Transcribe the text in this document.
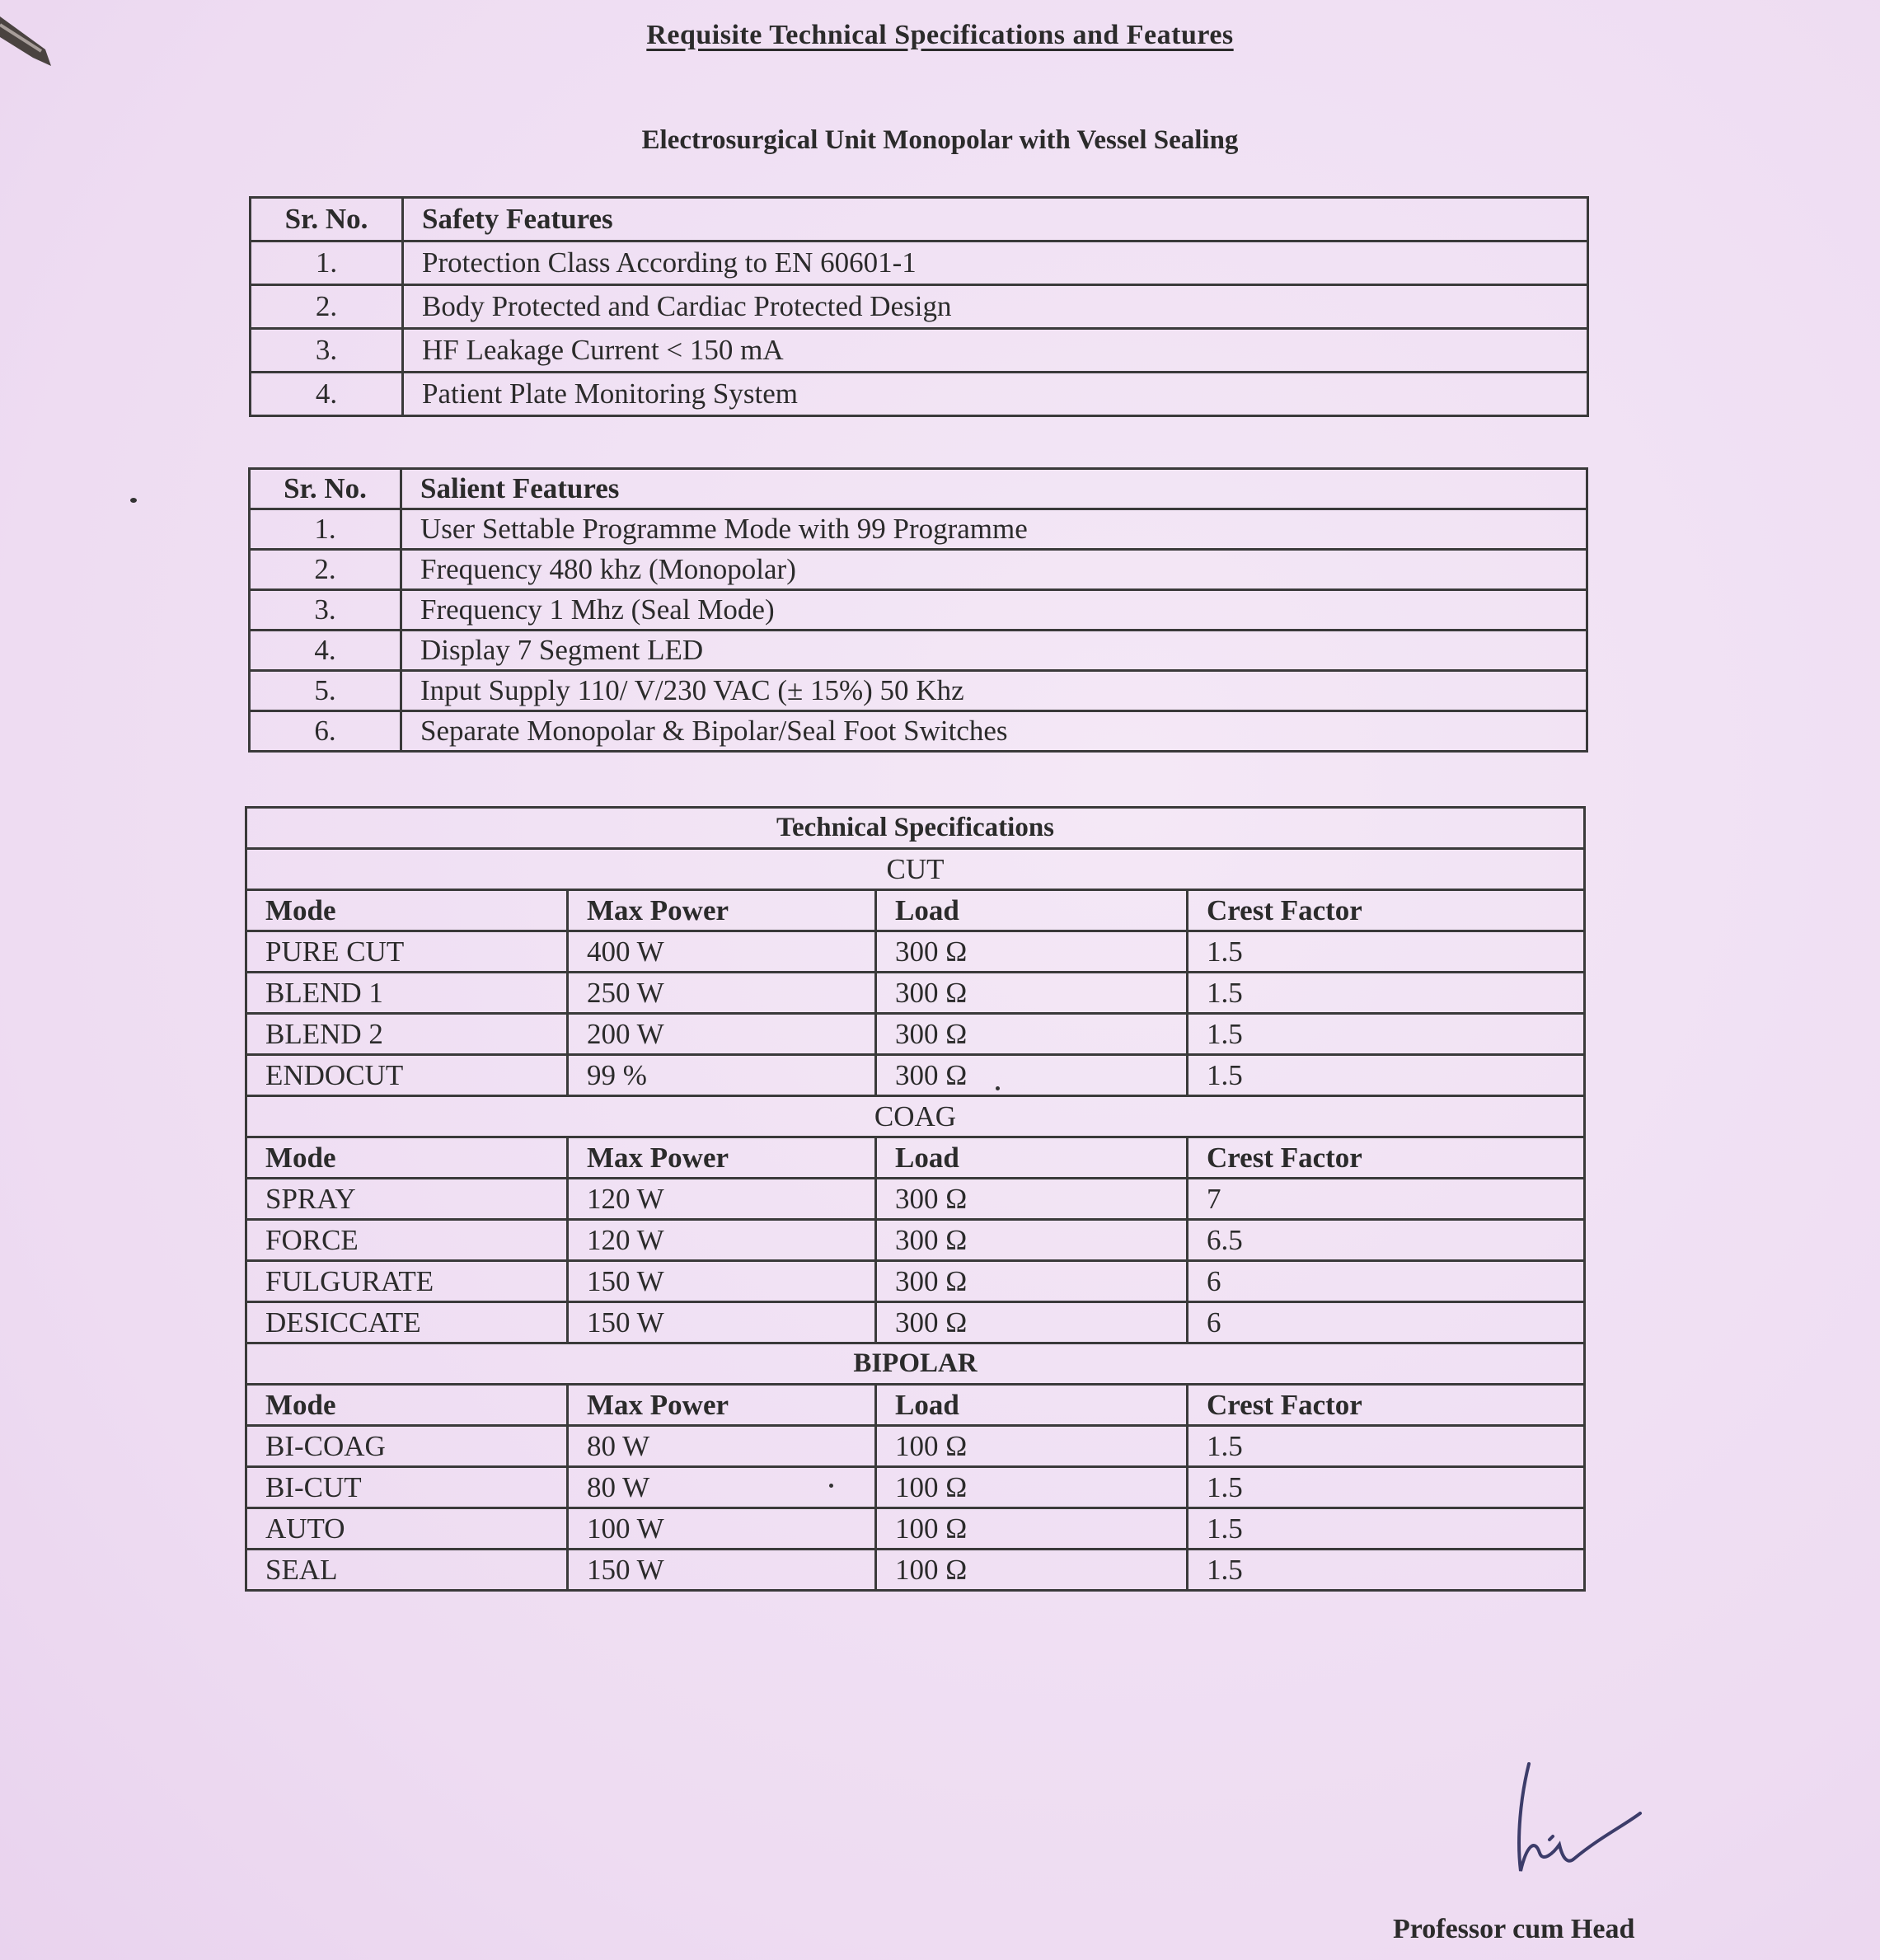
Requisite Technical Specifications and Features
Electrosurgical Unit Monopolar with Vessel Sealing
Sr. No.	Safety Features
1.	Protection Class According to EN 60601-1
2.	Body Protected and Cardiac Protected Design
3.	HF Leakage Current < 150 mA
4.	Patient Plate Monitoring System
Sr. No.	Salient Features
1.	User Settable Programme Mode with 99 Programme
2.	Frequency 480 khz (Monopolar)
3.	Frequency 1 Mhz (Seal Mode)
4.	Display 7 Segment LED
5.	Input Supply 110/ V/230 VAC (± 15%) 50 Khz
6.	Separate Monopolar & Bipolar/Seal Foot Switches
Technical Specifications			
CUT			
Mode	Max Power	Load	Crest Factor
PURE CUT	400 W	300 Ω	1.5
BLEND 1	250 W	300 Ω	1.5
BLEND 2	200 W	300 Ω	1.5
ENDOCUT	99 %	300 Ω	1.5
COAG			
Mode	Max Power	Load	Crest Factor
SPRAY	120 W	300 Ω	7
FORCE	120 W	300 Ω	6.5
FULGURATE	150 W	300 Ω	6
DESICCATE	150 W	300 Ω	6
BIPOLAR			
Mode	Max Power	Load	Crest Factor
BI-COAG	80 W	100 Ω	1.5
BI-CUT	80 W	100 Ω	1.5
AUTO	100 W	100 Ω	1.5
SEAL	150 W	100 Ω	1.5
Professor cum Head
